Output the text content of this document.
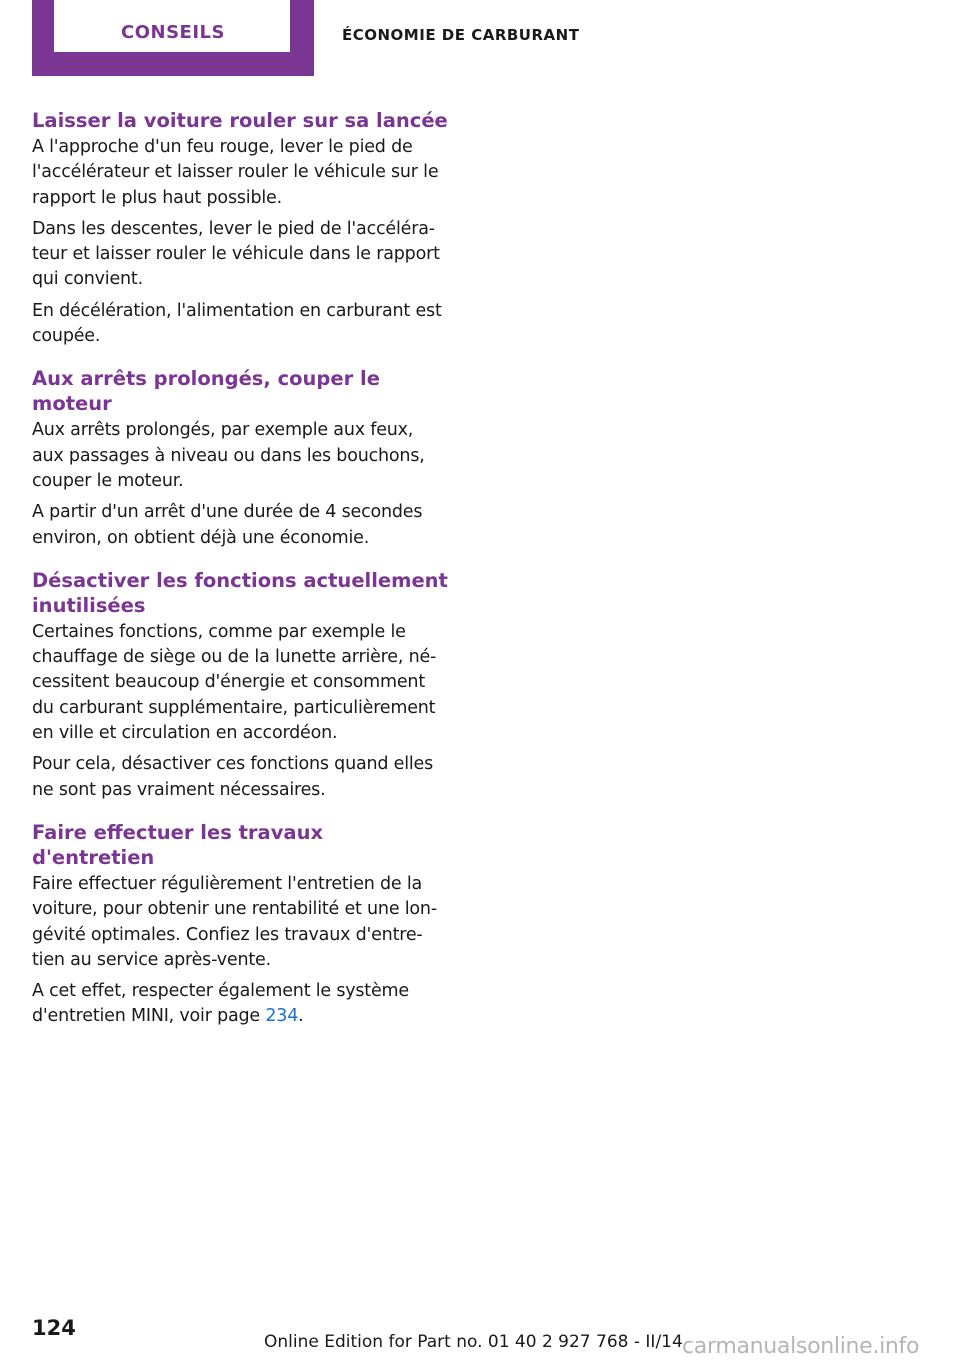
CONSEILS	ÉCONOMIE DE CARBURANT
Laisser la voiture rouler sur sa lancée

A l'approche d'un feu rouge, lever le pied de
l'accélérateur et laisser rouler le véhicule sur le
rapport le plus haut possible.

Dans les descentes, lever le pied de l'accéléra‐
teur et laisser rouler le véhicule dans le rapport
qui convient.

En décélération, l'alimentation en carburant est
coupée.

Aux arrêts prolongés, couper le moteur

Aux arrêts prolongés, par exemple aux feux,
aux passages à niveau ou dans les bouchons,
couper le moteur.

A partir d'un arrêt d'une durée de 4 secondes
environ, on obtient déjà une économie.

Désactiver les fonctions actuellement
inutilisées

Certaines fonctions, comme par exemple le
chauffage de siège ou de la lunette arrière, né‐
cessitent beaucoup d'énergie et consomment
du carburant supplémentaire, particulièrement
en ville et circulation en accordéon.

Pour cela, désactiver ces fonctions quand elles
ne sont pas vraiment nécessaires.

Faire effectuer les travaux d'entretien

Faire effectuer régulièrement l'entretien de la
voiture, pour obtenir une rentabilité et une lon‐
gévité optimales. Confiez les travaux d'entre‐
tien au service après-vente.

A cet effet, respecter également le système
d'entretien MINI, voir page 234.

124
Online Edition for Part no. 01 40 2 927 768 - II/14 carmanualsonline.info
